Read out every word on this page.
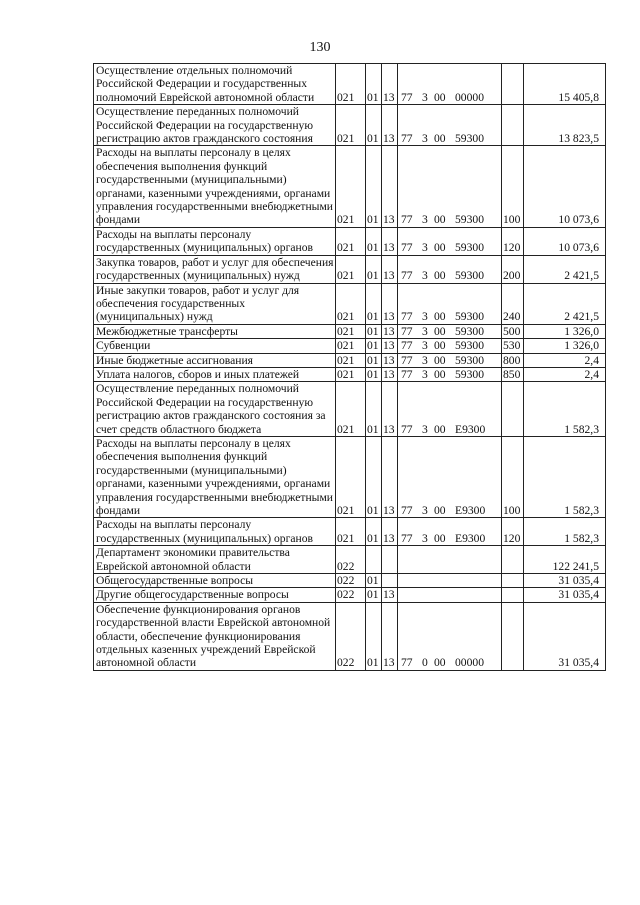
130
Осуществление отдельных полномочий Российской Федерации и государственных полномочий Еврейской автономной области	021	01	13	77 3 00 00000		15 405,8
Осуществление переданных полномочий Российской Федерации на государственную регистрацию актов гражданского состояния	021	01	13	77 3 00 59300		13 823,5
Расходы на выплаты персоналу в целях обеспечения выполнения функций государственными (муниципальными) органами, казенными учреждениями, органами управления государственными внебюджетными фондами	021	01	13	77 3 00 59300	100	10 073,6
Расходы на выплаты персоналу государственных (муниципальных) органов	021	01	13	77 3 00 59300	120	10 073,6
Закупка товаров, работ и услуг для обеспечения государственных (муниципальных) нужд	021	01	13	77 3 00 59300	200	2 421,5
Иные закупки товаров, работ и услуг для обеспечения государственных (муниципальных) нужд	021	01	13	77 3 00 59300	240	2 421,5
Межбюджетные трансферты	021	01	13	77 3 00 59300	500	1 326,0
Субвенции	021	01	13	77 3 00 59300	530	1 326,0
Иные бюджетные ассигнования	021	01	13	77 3 00 59300	800	2,4
Уплата налогов, сборов и иных платежей	021	01	13	77 3 00 59300	850	2,4
Осуществление переданных полномочий Российской Федерации на государственную регистрацию актов гражданского состояния за счет средств областного бюджета	021	01	13	77 3 00 Е9300		1 582,3
Расходы на выплаты персоналу в целях обеспечения выполнения функций государственными (муниципальными) органами, казенными учреждениями, органами управления государственными внебюджетными фондами	021	01	13	77 3 00 Е9300	100	1 582,3
Расходы на выплаты персоналу государственных (муниципальных) органов	021	01	13	77 3 00 Е9300	120	1 582,3
Департамент экономики правительства Еврейской автономной области	022					122 241,5
Общегосударственные вопросы	022	01				31 035,4
Другие общегосударственные вопросы	022	01	13			31 035,4
Обеспечение функционирования органов государственной власти Еврейской автономной области, обеспечение функционирования отдельных казенных учреждений Еврейской автономной области	022	01	13	77 0 00 00000		31 035,4
